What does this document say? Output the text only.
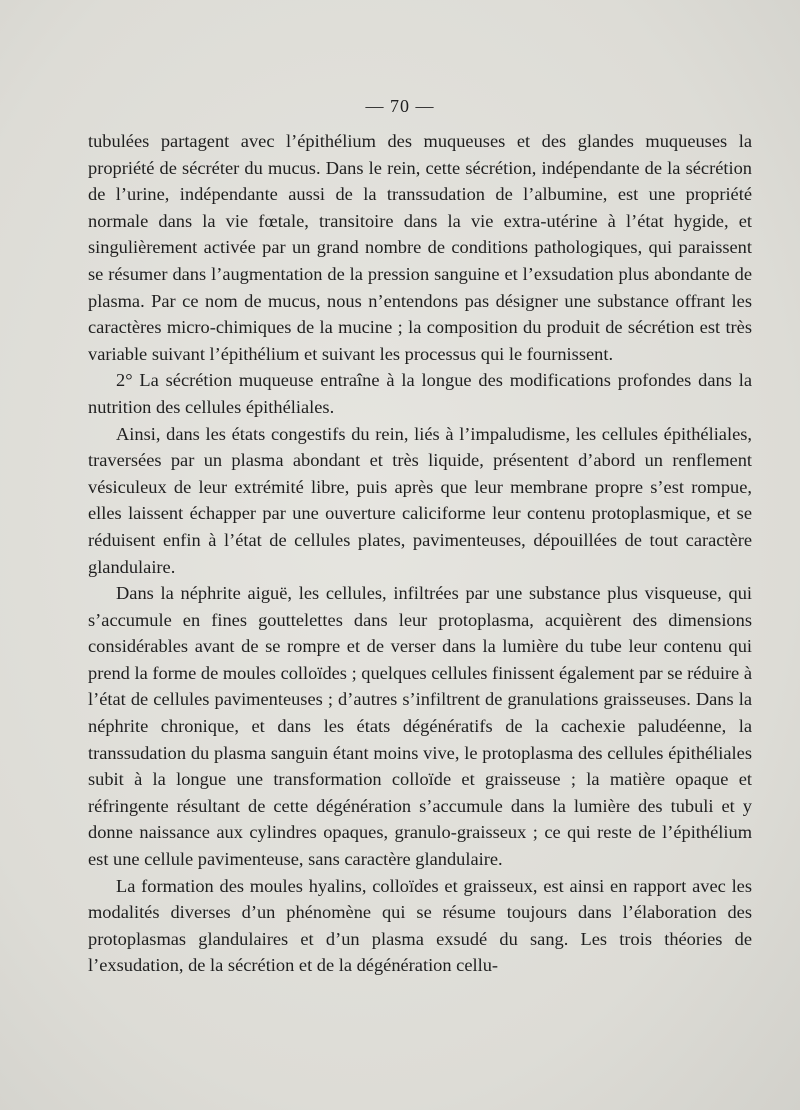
— 70 —

tubulées partagent avec l’épithélium des muqueuses et des glandes muqueuses la propriété de sécréter du mucus. Dans le rein, cette sécrétion, indépendante de la sécrétion de l’urine, indépendante aussi de la transsudation de l’albumine, est une propriété normale dans la vie fœtale, transitoire dans la vie extra-utérine à l’état hygide, et singulièrement activée par un grand nombre de conditions pathologiques, qui paraissent se résumer dans l’augmentation de la pression sanguine et l’exsudation plus abondante de plasma. Par ce nom de mucus, nous n’entendons pas désigner une substance offrant les caractères micro-chimiques de la mucine ; la composition du produit de sécrétion est très variable suivant l’épithélium et suivant les processus qui le fournissent.

2° La sécrétion muqueuse entraîne à la longue des modifications profondes dans la nutrition des cellules épithéliales.

Ainsi, dans les états congestifs du rein, liés à l’impaludisme, les cellules épithéliales, traversées par un plasma abondant et très liquide, présentent d’abord un renflement vésiculeux de leur extrémité libre, puis après que leur membrane propre s’est rompue, elles laissent échapper par une ouverture caliciforme leur contenu protoplasmique, et se réduisent enfin à l’état de cellules plates, pavimenteuses, dépouillées de tout caractère glandulaire.

Dans la néphrite aiguë, les cellules, infiltrées par une substance plus visqueuse, qui s’accumule en fines gouttelettes dans leur protoplasma, acquièrent des dimensions considérables avant de se rompre et de verser dans la lumière du tube leur contenu qui prend la forme de moules colloïdes ; quelques cellules finissent également par se réduire à l’état de cellules pavimenteuses ; d’autres s’infiltrent de granulations graisseuses. Dans la néphrite chronique, et dans les états dégénératifs de la cachexie paludéenne, la transsudation du plasma sanguin étant moins vive, le protoplasma des cellules épithéliales subit à la longue une transformation colloïde et graisseuse ; la matière opaque et réfringente résultant de cette dégénération s’accumule dans la lumière des tubuli et y donne naissance aux cylindres opaques, granulo-graisseux ; ce qui reste de l’épithélium est une cellule pavimenteuse, sans caractère glandulaire.

La formation des moules hyalins, colloïdes et graisseux, est ainsi en rapport avec les modalités diverses d’un phénomène qui se résume toujours dans l’élaboration des protoplasmas glandulaires et d’un plasma exsudé du sang. Les trois théories de l’exsudation, de la sécrétion et de la dégénération cellu-
